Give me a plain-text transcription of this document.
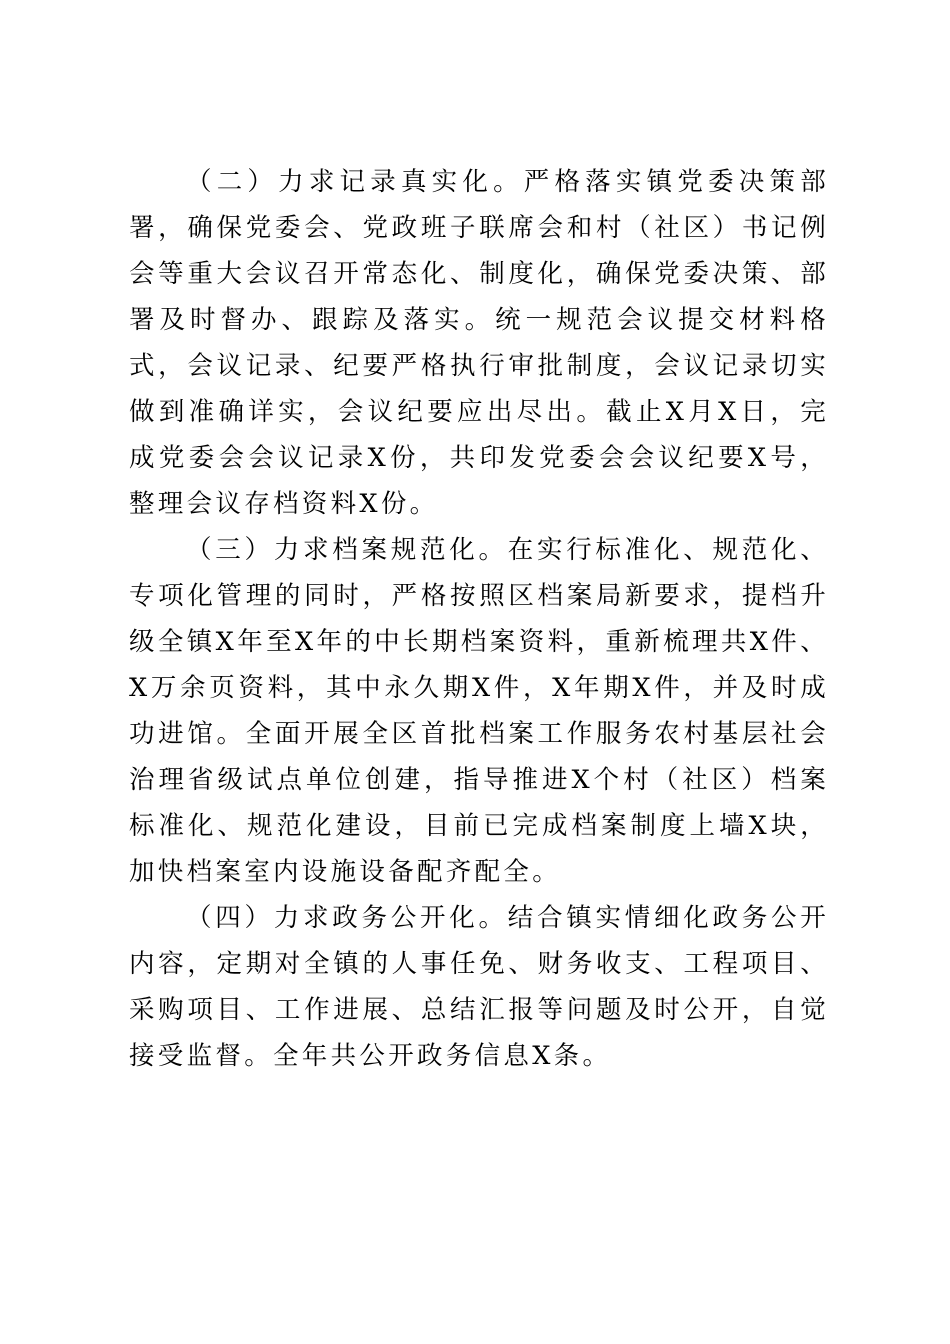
（二）力求记录真实化。严格落实镇党委决策部署，确保党委会、党政班子联席会和村（社区）书记例会等重大会议召开常态化、制度化，确保党委决策、部署及时督办、跟踪及落实。统一规范会议提交材料格式，会议记录、纪要严格执行审批制度，会议记录切实做到准确详实，会议纪要应出尽出。截止X月X日，完成党委会会议记录X份，共印发党委会会议纪要X号，整理会议存档资料X份。

（三）力求档案规范化。在实行标准化、规范化、专项化管理的同时，严格按照区档案局新要求，提档升级全镇X年至X年的中长期档案资料，重新梳理共X件、X万余页资料，其中永久期X件，X年期X件，并及时成功进馆。全面开展全区首批档案工作服务农村基层社会治理省级试点单位创建，指导推进X个村（社区）档案标准化、规范化建设，目前已完成档案制度上墙X块，加快档案室内设施设备配齐配全。

（四）力求政务公开化。结合镇实情细化政务公开内容，定期对全镇的人事任免、财务收支、工程项目、采购项目、工作进展、总结汇报等问题及时公开，自觉接受监督。全年共公开政务信息X条。
